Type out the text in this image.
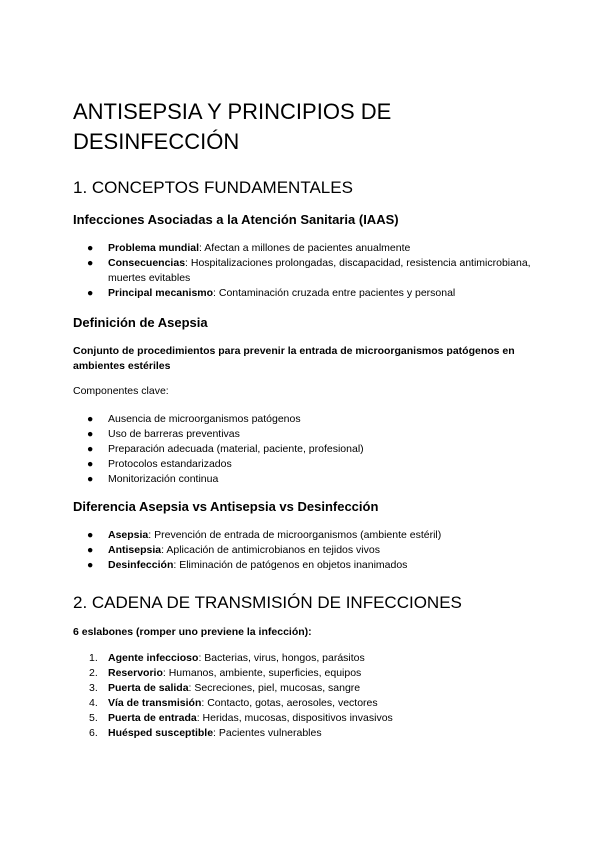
ANTISEPSIA Y PRINCIPIOS DE DESINFECCIÓN
1. CONCEPTOS FUNDAMENTALES
Infecciones Asociadas a la Atención Sanitaria (IAAS)
● Problema mundial: Afectan a millones de pacientes anualmente
● Consecuencias: Hospitalizaciones prolongadas, discapacidad, resistencia antimicrobiana, muertes evitables
● Principal mecanismo: Contaminación cruzada entre pacientes y personal
Definición de Asepsia

Conjunto de procedimientos para prevenir la entrada de microorganismos patógenos en ambientes estériles

Componentes clave:

● Ausencia de microorganismos patógenos
● Uso de barreras preventivas
● Preparación adecuada (material, paciente, profesional)
● Protocolos estandarizados
● Monitorización continua
Diferencia Asepsia vs Antisepsia vs Desinfección
● Asepsia: Prevención de entrada de microorganismos (ambiente estéril)
● Antisepsia: Aplicación de antimicrobianos en tejidos vivos
● Desinfección: Eliminación de patógenos en objetos inanimados
2. CADENA DE TRANSMISIÓN DE INFECCIONES

6 eslabones (romper uno previene la infección):

1. Agente infeccioso: Bacterias, virus, hongos, parásitos
2. Reservorio: Humanos, ambiente, superficies, equipos
3. Puerta de salida: Secreciones, piel, mucosas, sangre
4. Vía de transmisión: Contacto, gotas, aerosoles, vectores
5. Puerta de entrada: Heridas, mucosas, dispositivos invasivos
6. Huésped susceptible: Pacientes vulnerables
